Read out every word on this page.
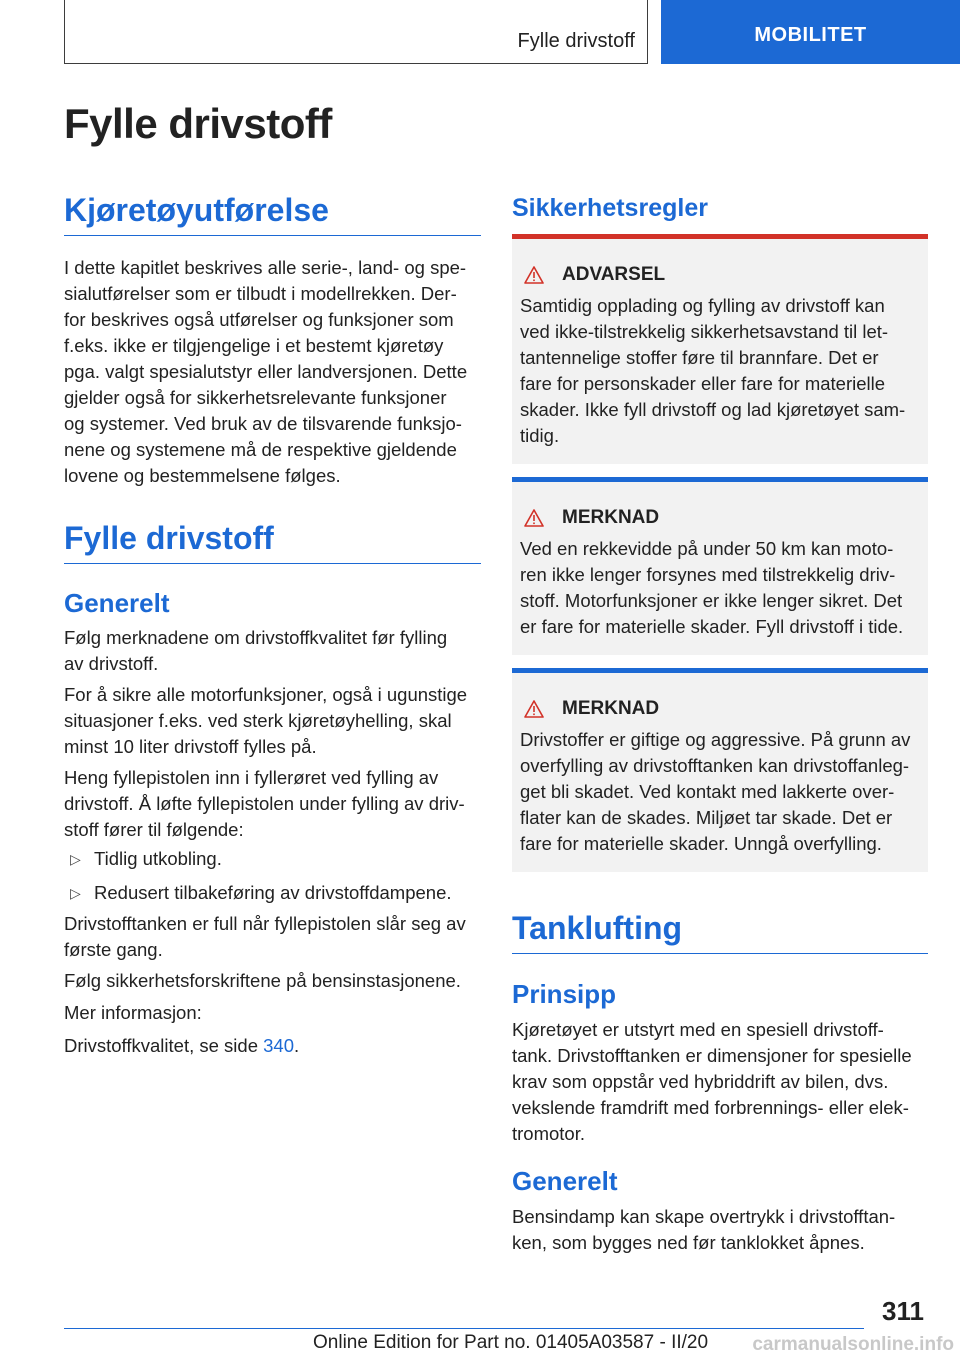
Fylle drivstoff	MOBILITET
Fylle drivstoff
Kjøretøyutførelse
I dette kapitlet beskrives alle serie-, land- og spe-
sialutførelser som er tilbudt i modellrekken. Der-
for beskrives også utførelser og funksjoner som
f.eks. ikke er tilgjengelige i et bestemt kjøretøy
pga. valgt spesialutstyr eller landversjonen. Dette
gjelder også for sikkerhetsrelevante funksjoner
og systemer. Ved bruk av de tilsvarende funksjo-
nene og systemene må de respektive gjeldende
lovene og bestemmelsene følges.
Fylle drivstoff
Generelt
Følg merknadene om drivstoffkvalitet før fylling
av drivstoff.
For å sikre alle motorfunksjoner, også i ugunstige
situasjoner f.eks. ved sterk kjøretøyhelling, skal
minst 10 liter drivstoff fylles på.
Heng fyllepistolen inn i fyllerøret ved fylling av
drivstoff. Å løfte fyllepistolen under fylling av driv-
stoff fører til følgende:
▷ Tidlig utkobling.
▷ Redusert tilbakeføring av drivstoffdampene.
Drivstofftanken er full når fyllepistolen slår seg av
første gang.
Følg sikkerhetsforskriftene på bensinstasjonene.
Mer informasjon:
Drivstoffkvalitet, se side 340.
Sikkerhetsregler
ADVARSEL
Samtidig opplading og fylling av drivstoff kan
ved ikke-tilstrekkelig sikkerhetsavstand til let-
tantennelige stoffer føre til brannfare. Det er
fare for personskader eller fare for materielle
skader. Ikke fyll drivstoff og lad kjøretøyet sam-
tidig.
MERKNAD
Ved en rekkevidde på under 50 km kan moto-
ren ikke lenger forsynes med tilstrekkelig driv-
stoff. Motorfunksjoner er ikke lenger sikret. Det
er fare for materielle skader. Fyll drivstoff i tide.
MERKNAD
Drivstoffer er giftige og aggressive. På grunn av
overfylling av drivstofftanken kan drivstoffanleg-
get bli skadet. Ved kontakt med lakkerte over-
flater kan de skades. Miljøet tar skade. Det er
fare for materielle skader. Unngå overfylling.
Tanklufting
Prinsipp
Kjøretøyet er utstyrt med en spesiell drivstoff-
tank. Drivstofftanken er dimensjoner for spesielle
krav som oppstår ved hybriddrift av bilen, dvs.
vekslende framdrift med forbrennings- eller elek-
tromotor.
Generelt
Bensindamp kan skape overtrykk i drivstofftan-
ken, som bygges ned før tanklokket åpnes.
311
Online Edition for Part no. 01405A03587 - II/20 carmanualsonline.info
